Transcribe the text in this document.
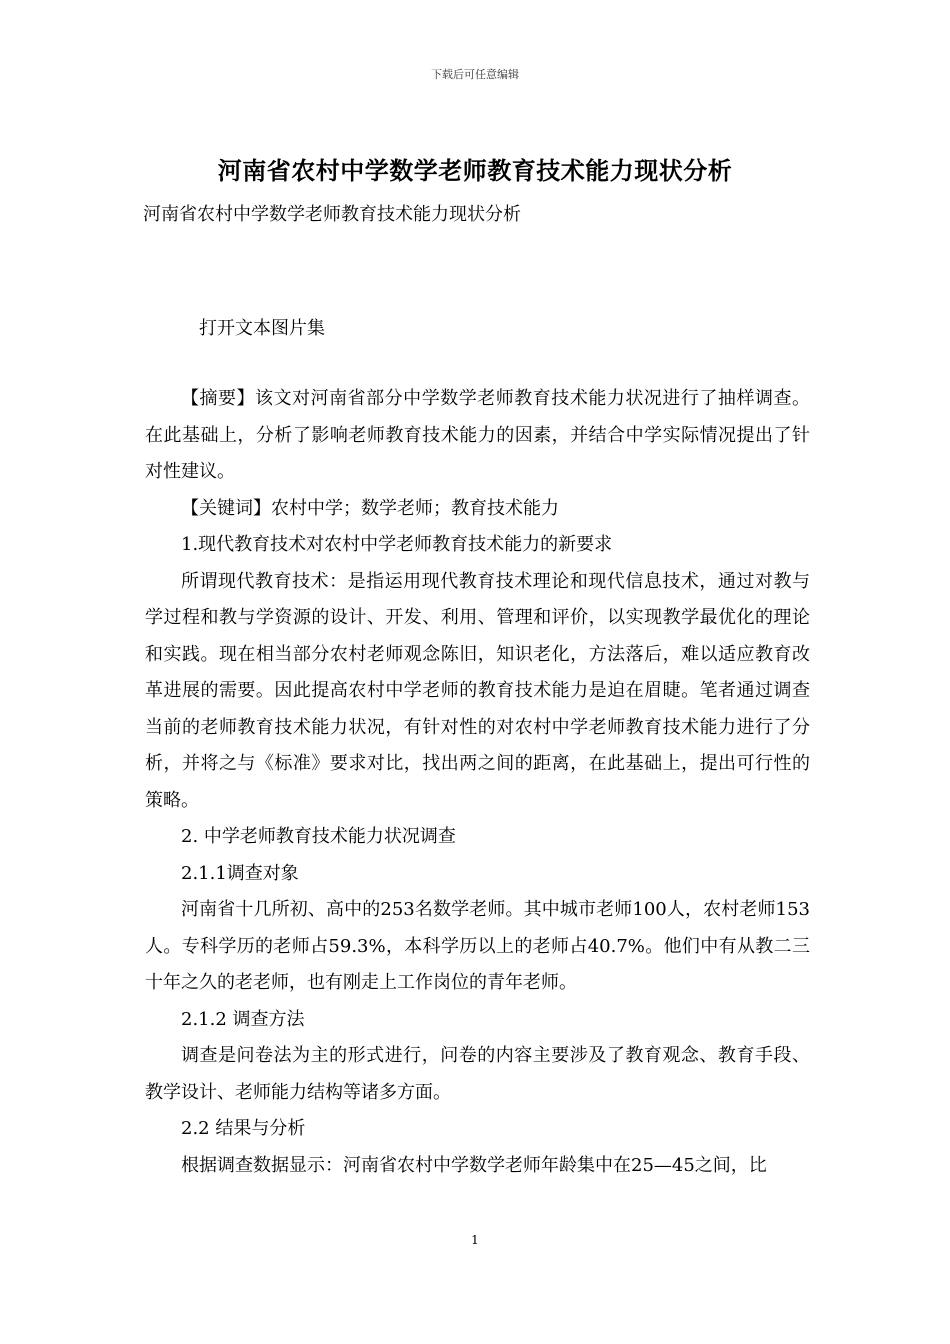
下载后可任意编辑
河南省农村中学数学老师教育技术能力现状分析
河南省农村中学数学老师教育技术能力现状分析
打开文本图片集

【摘要】该文对河南省部分中学数学老师教育技术能力状况进行了抽样调查。在此基础上，分析了影响老师教育技术能力的因素，并结合中学实际情况提出了针对性建议。

【关键词】农村中学；数学老师；教育技术能力

1.现代教育技术对农村中学老师教育技术能力的新要求

所谓现代教育技术：是指运用现代教育技术理论和现代信息技术，通过对教与学过程和教与学资源的设计、开发、利用、管理和评价，以实现教学最优化的理论和实践。现在相当部分农村老师观念陈旧，知识老化，方法落后，难以适应教育改革进展的需要。因此提高农村中学老师的教育技术能力是迫在眉睫。笔者通过调查当前的老师教育技术能力状况，有针对性的对农村中学老师教育技术能力进行了分析，并将之与《标准》要求对比，找出两之间的距离，在此基础上，提出可行性的策略。

2. 中学老师教育技术能力状况调查

2.1.1调查对象

河南省十几所初、高中的253名数学老师。其中城市老师100人，农村老师153人。专科学历的老师占59.3%，本科学历以上的老师占40.7%。他们中有从教二三十年之久的老老师，也有刚走上工作岗位的青年老师。

2.1.2 调查方法

调查是问卷法为主的形式进行，问卷的内容主要涉及了教育观念、教育手段、教学设计、老师能力结构等诸多方面。

2.2 结果与分析

根据调查数据显示：河南省农村中学数学老师年龄集中在25—45之间，比

1
